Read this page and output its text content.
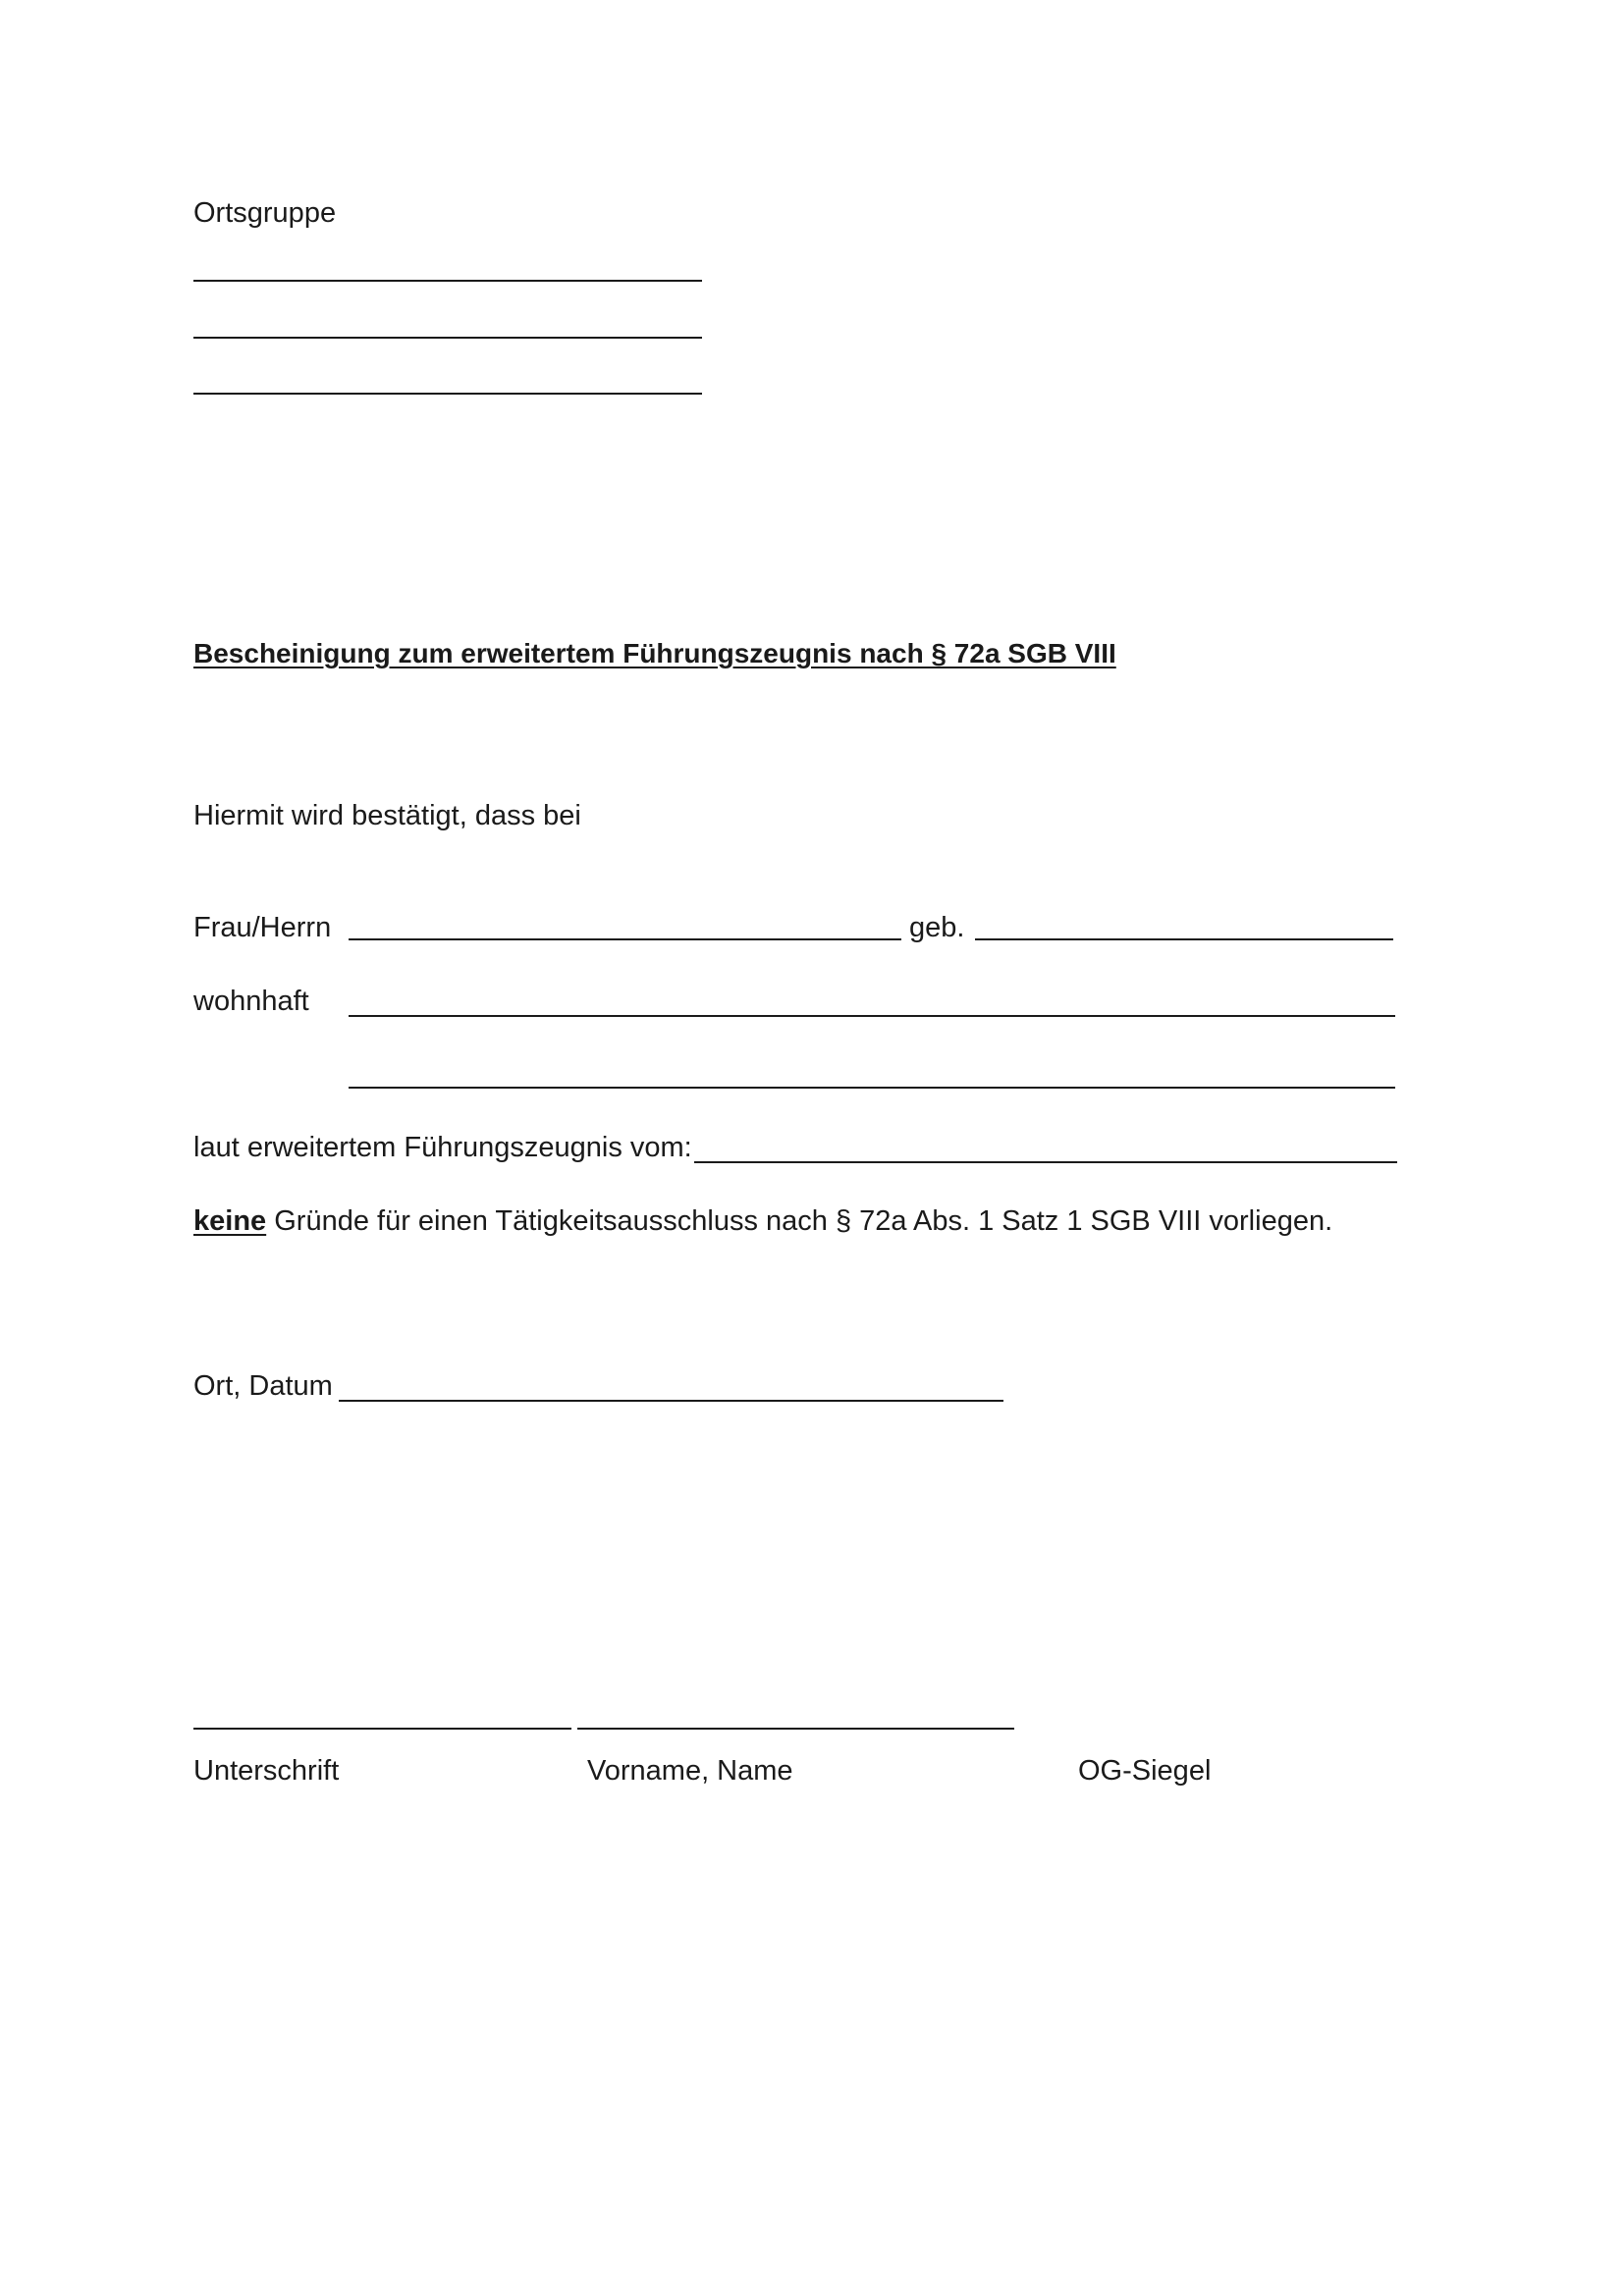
Ortsgruppe
Bescheinigung zum erweitertem Führungszeugnis nach § 72a SGB VIII
Hiermit wird bestätigt, dass bei
Frau/Herrn	geb.
wohnhaft
laut erweitertem Führungszeugnis vom:
keine Gründe für einen Tätigkeitsausschluss nach § 72a Abs. 1 Satz 1 SGB VIII vorliegen.
Ort, Datum
Unterschrift	Vorname, Name	OG-Siegel
